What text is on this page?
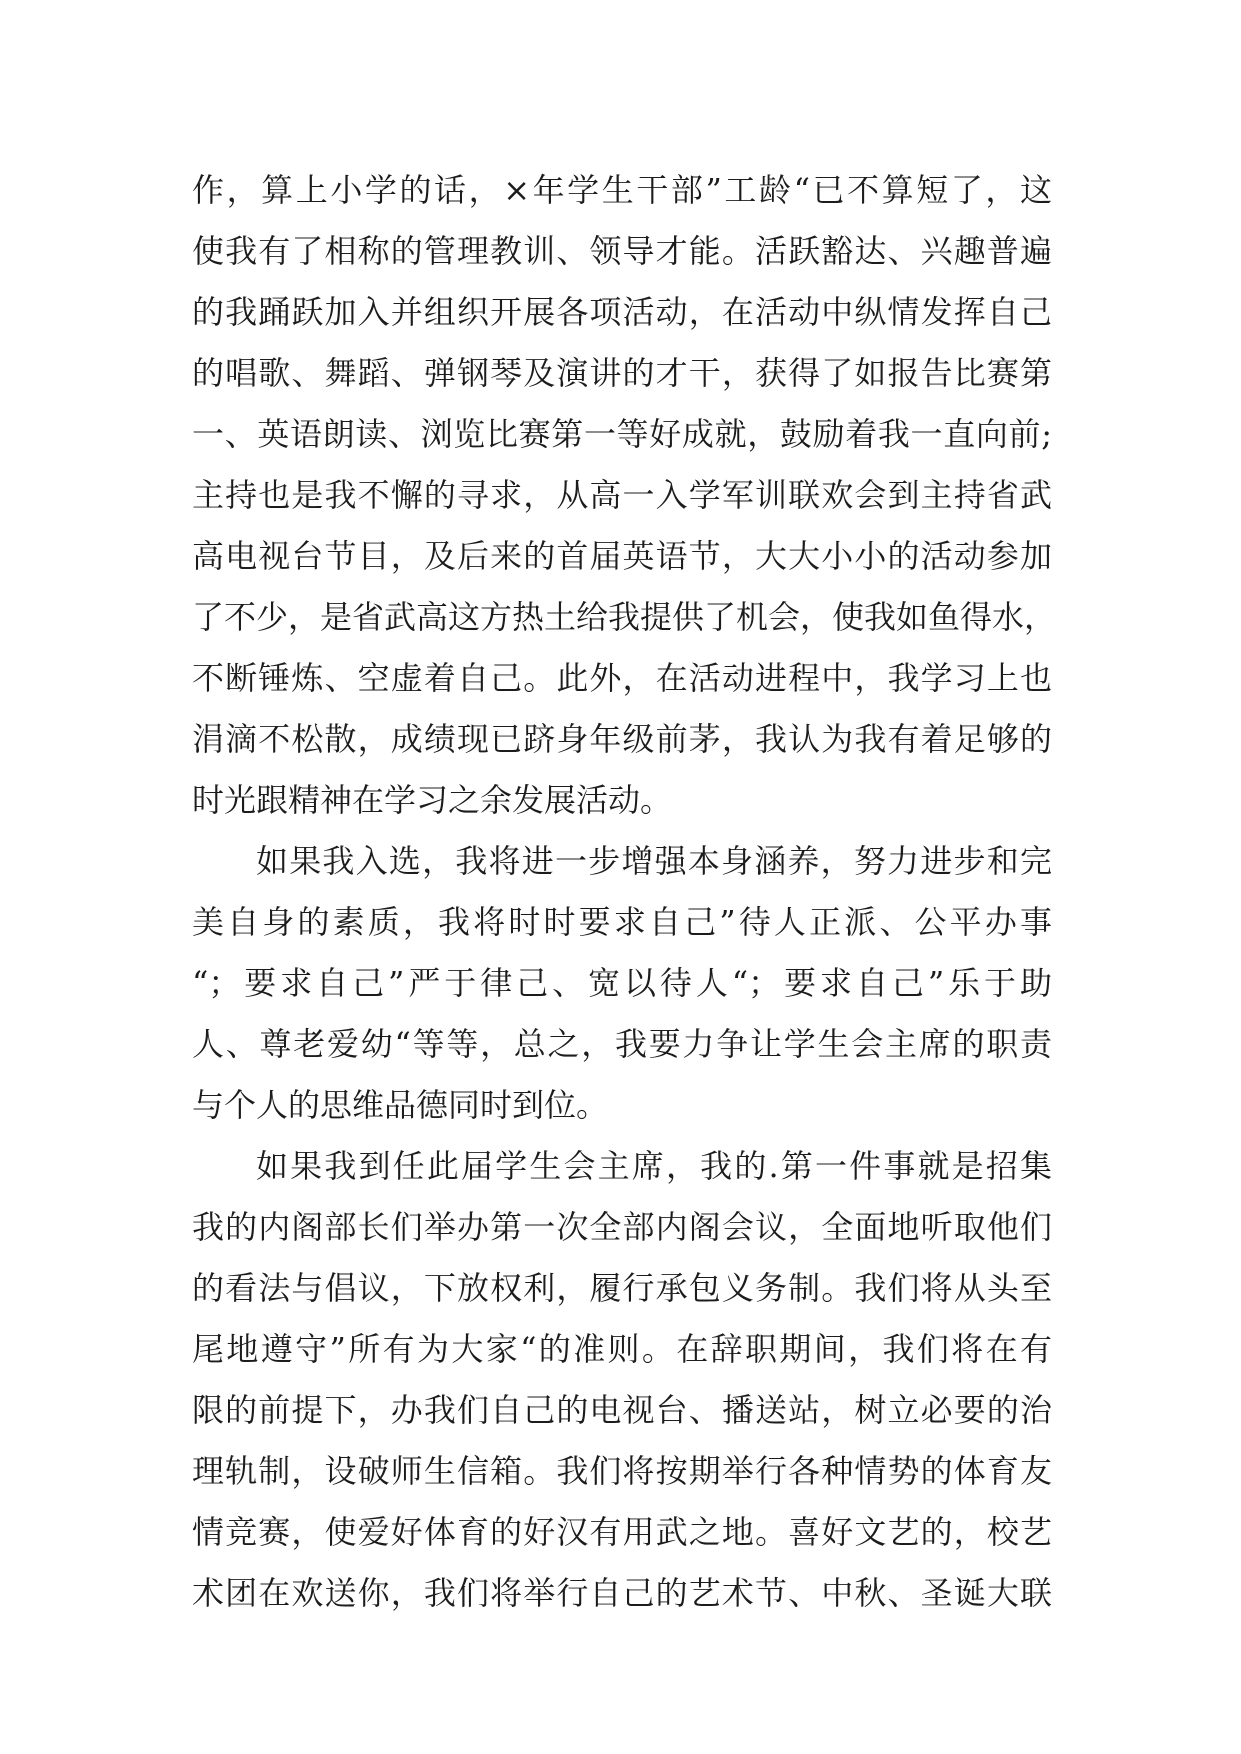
作，算上小学的话，×年学生干部”工龄“已不算短了，这
使我有了相称的管理教训、领导才能。活跃豁达、兴趣普遍
的我踊跃加入并组织开展各项活动，在活动中纵情发挥自己
的唱歌、舞蹈、弹钢琴及演讲的才干，获得了如报告比赛第
一、英语朗读、浏览比赛第一等好成就，鼓励着我一直向前;
主持也是我不懈的寻求，从高一入学军训联欢会到主持省武
高电视台节目，及后来的首届英语节，大大小小的活动参加
了不少，是省武高这方热土给我提供了机会，使我如鱼得水，
不断锤炼、空虚着自己。此外，在活动进程中，我学习上也
涓滴不松散，成绩现已跻身年级前茅，我认为我有着足够的
时光跟精神在学习之余发展活动。
如果我入选，我将进一步增强本身涵养，努力进步和完
美自身的素质，我将时时要求自己”待人正派、公平办事
“；要求自己”严于律己、宽以待人“；要求自己”乐于助
人、尊老爱幼“等等，总之，我要力争让学生会主席的职责
与个人的思维品德同时到位。
如果我到任此届学生会主席，我的.第一件事就是招集
我的内阁部长们举办第一次全部内阁会议，全面地听取他们
的看法与倡议，下放权利，履行承包义务制。我们将从头至
尾地遵守”所有为大家“的准则。在辞职期间，我们将在有
限的前提下，办我们自己的电视台、播送站，树立必要的治
理轨制，设破师生信箱。我们将按期举行各种情势的体育友
情竞赛，使爱好体育的好汉有用武之地。喜好文艺的，校艺
术团在欢送你，我们将举行自己的艺术节、中秋、圣诞大联
